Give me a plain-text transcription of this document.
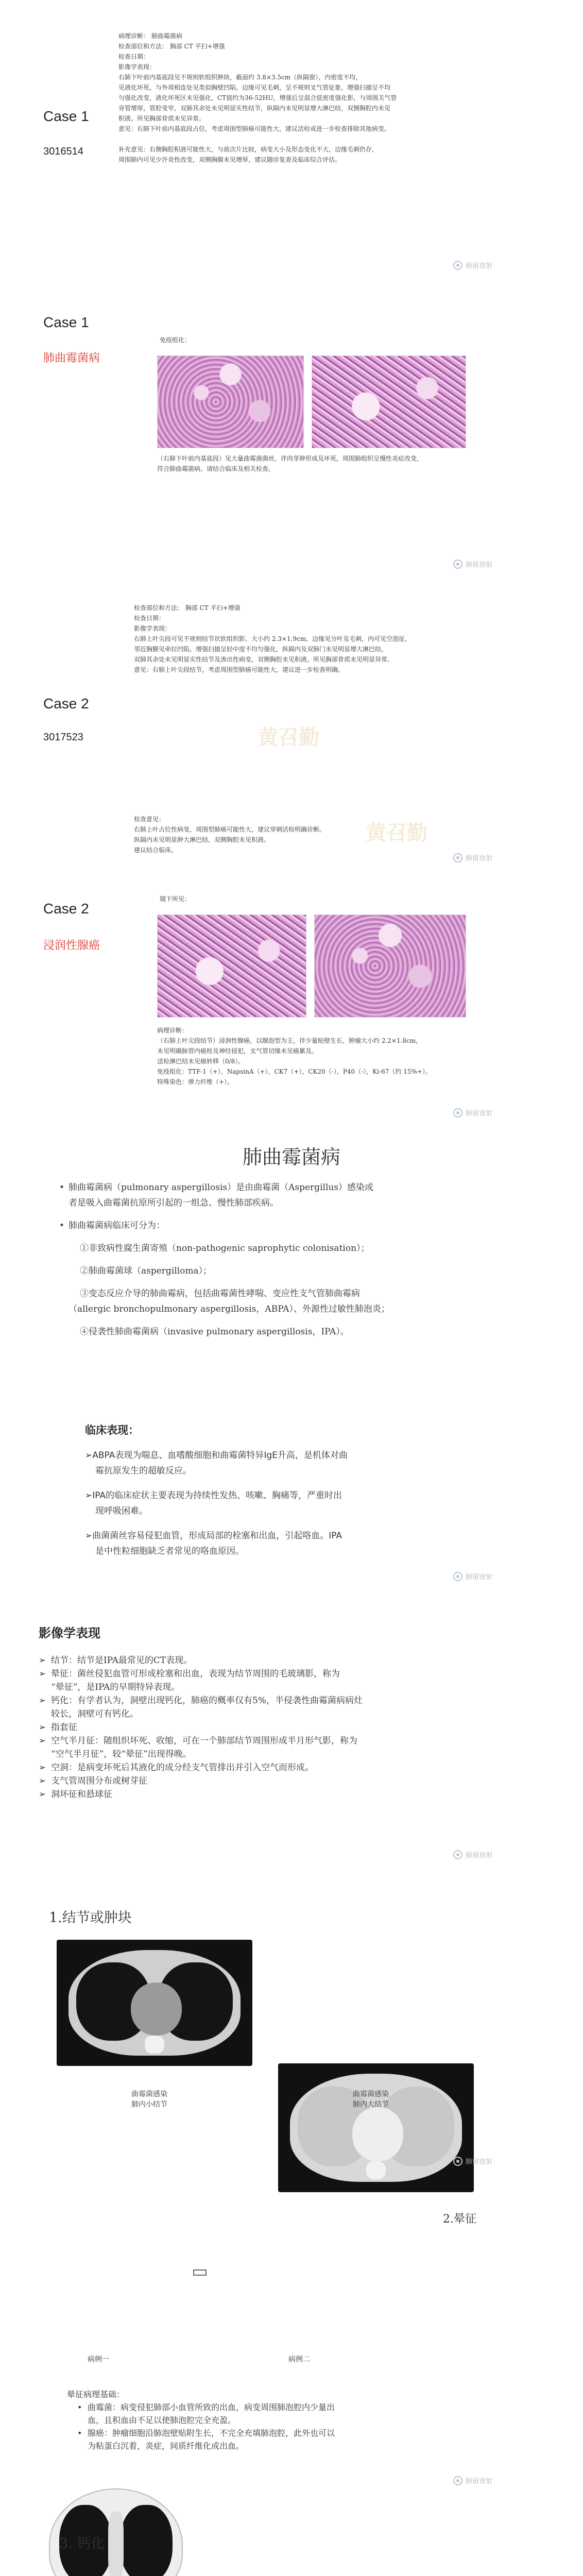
Case 1
3016514
病理诊断： 肺曲霉菌病
检查部位和方法： 胸部 CT 平扫+增强
检查日期：
影像学表现：
右肺下叶前内基底段见不规则软组织肿块，截面约 3.8×3.5cm（纵隔窗），内密度不均，
见液化坏死，与外周相连处见类似胸壁凹陷，边缘可见毛刺，呈不规则叉气管征象，增强扫描呈不均
匀强化改变，液化坏死区未见强化，CT值约为36-52HU，增强后呈混合低密度强化影，与周围关气管
旁管增厚，管腔变窄，双肺其余处未见明显实性结节，纵隔内未见明显增大淋巴结，双侧胸腔内未见
积液。所见胸部骨质未见异常。
意见：右肺下叶前内基底段占位，考虑周围型肺癌可能性大，建议活检或进一步检查排除其他病变。
补充意见：右侧胸腔积液可能性大，与前次片比较，病变大小及形态变化不大，边缘毛刺仍存，
周围肺内可见少许炎性改变，双侧胸膜未见增厚，建议随诊复查及临床综合评估。
肺留放射
Case 1
肺曲霉菌病
免疫组化：
（右肺下叶前内基底段）见大量曲霉菌菌丝，伴肉芽肿形成及坏死，周围肺组织呈慢性炎症改变，
符合肺曲霉菌病。请结合临床及相关检查。
肺留放射
Case 2
3017523
检查部位和方法： 胸部 CT 平扫+增强
检查日期：
影像学表现：
右肺上叶尖段可见不规则结节状软组织影，大小约 2.3×1.9cm，边缘见分叶及毛刺，内可见空泡征，
邻近胸膜见牵拉凹陷，增强扫描呈轻中度不均匀强化，纵隔内及双肺门未见明显增大淋巴结，
双肺其余处未见明显实性结节及渗出性病变，双侧胸腔未见积液，所见胸部骨质未见明显异常。
意见：右肺上叶尖段结节，考虑周围型肺癌可能性大，建议进一步检查明确。
黄召勤
检查意见：
右肺上叶占位性病变，周围型肺癌可能性大，建议穿刺活检明确诊断。
纵隔内未见明显肿大淋巴结，双侧胸腔未见积液。
建议结合临床。
黄召勤
肺留放射
Case 2
浸润性腺癌
镜下所见：
病理诊断：
（右肺上叶尖段结节）浸润性腺癌，以腺泡型为主，伴少量贴壁生长，肿瘤大小约 2.2×1.8cm，
未见明确脉管内癌栓及神经侵犯，支气管切缘未见癌累及。
送检淋巴结未见癌转移（0/8）。
免疫组化：TTF-1（+），NapsinA（+），CK7（+），CK20（-），P40（-），Ki-67（约 15%+）。
特殊染色：弹力纤维（+）。
肺留放射
肺曲霉菌病
• 肺曲霉菌病（pulmonary aspergillosis）是由曲霉菌（Aspergillus）感染或
者是吸入曲霉菌抗原所引起的一组急、慢性肺部疾病。
• 肺曲霉菌病临床可分为：
①非致病性腐生菌寄殖（non-pathogenic saprophytic colonisation）；
②肺曲霉菌球（aspergilloma）；
③变态反应介导的肺曲霉病，包括曲霉菌性哮喘、变应性支气管肺曲霉病
（allergic bronchopulmonary aspergillosis，ABPA）、外源性过敏性肺泡炎；
④侵袭性肺曲霉菌病（invasive pulmonary aspergillosis，IPA）。
临床表现：
➢ABPA表现为喘息、血嗜酸细胞和曲霉菌特异IgE升高，是机体对曲
霉抗原发生的超敏反应。
➢IPA的临床症状主要表现为持续性发热、咳嗽、胸痛等，严重时出
现呼吸困难。
➢曲菌菌丝容易侵犯血管，形成局部的栓塞和出血，引起咯血。IPA
是中性粒细胞缺乏者常见的咯血原因。
肺留放射
影像学表现
➢ 结节：结节是IPA最常见的CT表现。
➢ 晕征：菌丝侵犯血管可形成栓塞和出血，表现为结节周围的毛玻璃影，称为
“晕征”，是IPA的早期特异表现。
➢ 钙化：有学者认为，洞壁出现钙化，肺癌的概率仅有5%，半侵袭性曲霉菌病病灶
较长，洞壁可有钙化。
➢ 指套征
➢ 空气半月征：随组织坏死、收缩，可在一个肺部结节周围形成半月形气影，称为
“空气半月征”，较“晕征”出现得晚。
➢ 空洞：是病变坏死后其液化的成分经支气管排出并引入空气而形成。
➢ 支气管周围分布或树芽征
➢ 洞坏征和悬球征
肺留放射
1.结节或肿块
曲霉菌感染
肺内小结节
曲霉菌感染
肺内大结节
肺留放射
2.晕征
病例一	病例二
晕征病理基础：
• 曲霉菌：病变侵犯肺部小血管所致的出血，病变周围肺泡腔内少量出
血，且积血由不足以使肺泡腔完全充盈。
• 腺癌：肿瘤细胞沿肺泡壁贴附生长，不完全充填肺泡腔，此外也可以
为粘蛋白沉着，炎症，间质纤维化或出血。
肺留放射
3. 钙化
